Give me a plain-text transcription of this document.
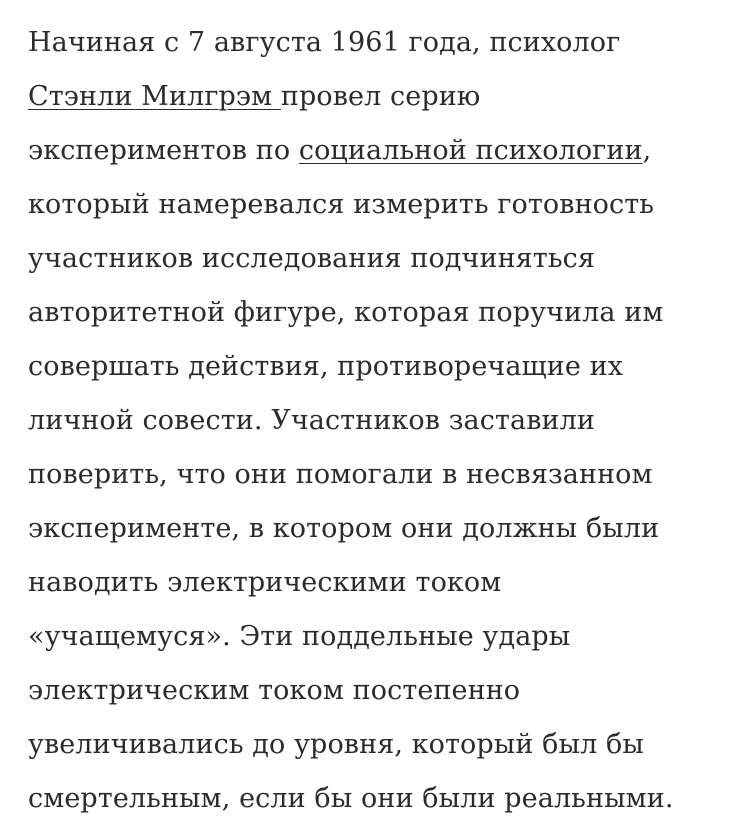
Начиная с 7 августа 1961 года, психолог
Стэнли Милгрэм провел серию
экспериментов по социальной психологии,
который намеревался измерить готовность
участников исследования подчиняться
авторитетной фигуре, которая поручила им
совершать действия, противоречащие их
личной совести. Участников заставили
поверить, что они помогали в несвязанном
эксперименте, в котором они должны были
наводить электрическими током
«учащемуся». Эти поддельные удары
электрическим током постепенно
увеличивались до уровня, который был бы
смертельным, если бы они были реальными.
